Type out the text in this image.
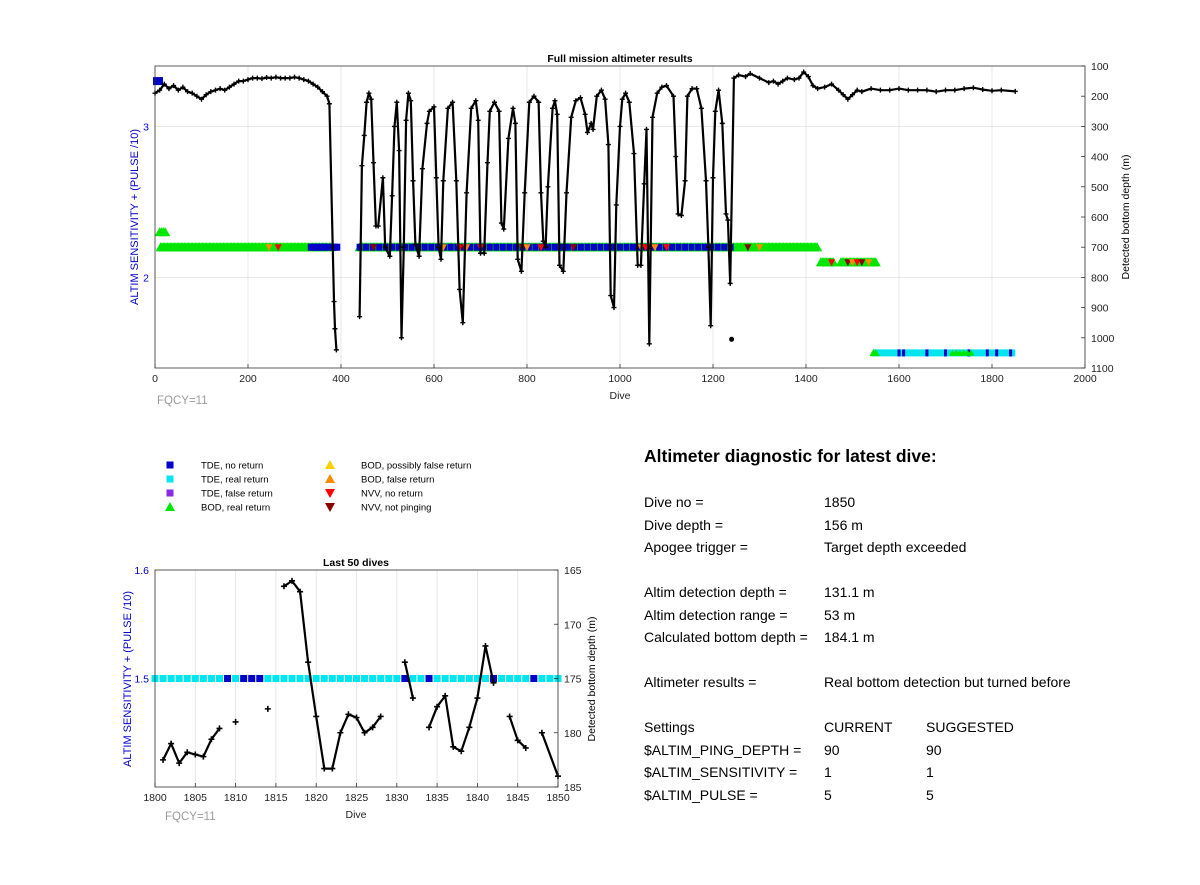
0	200	400	600	800	1000	1200	1400	1600	1800	2000
2
3
100
200
300
400
500
600
700
800
900
1000
1100
Full mission altimeter results
Dive
ALTIM SENSITIVITY + (PULSE /10)	Detected bottom depth (m)
FQCY=11
TDE, no return
TDE, real return
TDE, false return
BOD, real return
BOD, possibly false return
BOD, false return
NVV, no return
NVV, not pinging
1800 1805 1810 1815 1820 1825 1830 1835 1840 1845 1850
1.5
1.6	165
170
175
180
185
Last 50 dives
Dive
ALTIM SENSITIVITY + (PULSE /10)	Detected bottom depth (m)
FQCY=11
Altimeter diagnostic for latest dive:
Dive no =	1850
Dive depth =	156 m
Apogee trigger =	Target depth exceeded
Altim detection depth =	131.1 m
Altim detection range =	53 m
Calculated bottom depth = 184.1 m
Altimeter results =	Real bottom detection but turned before
Settings	CURRENT SUGGESTED
$ALTIM_PING_DEPTH = 90	90
$ALTIM_SENSITIVITY = 1	1
$ALTIM_PULSE =	5	5
